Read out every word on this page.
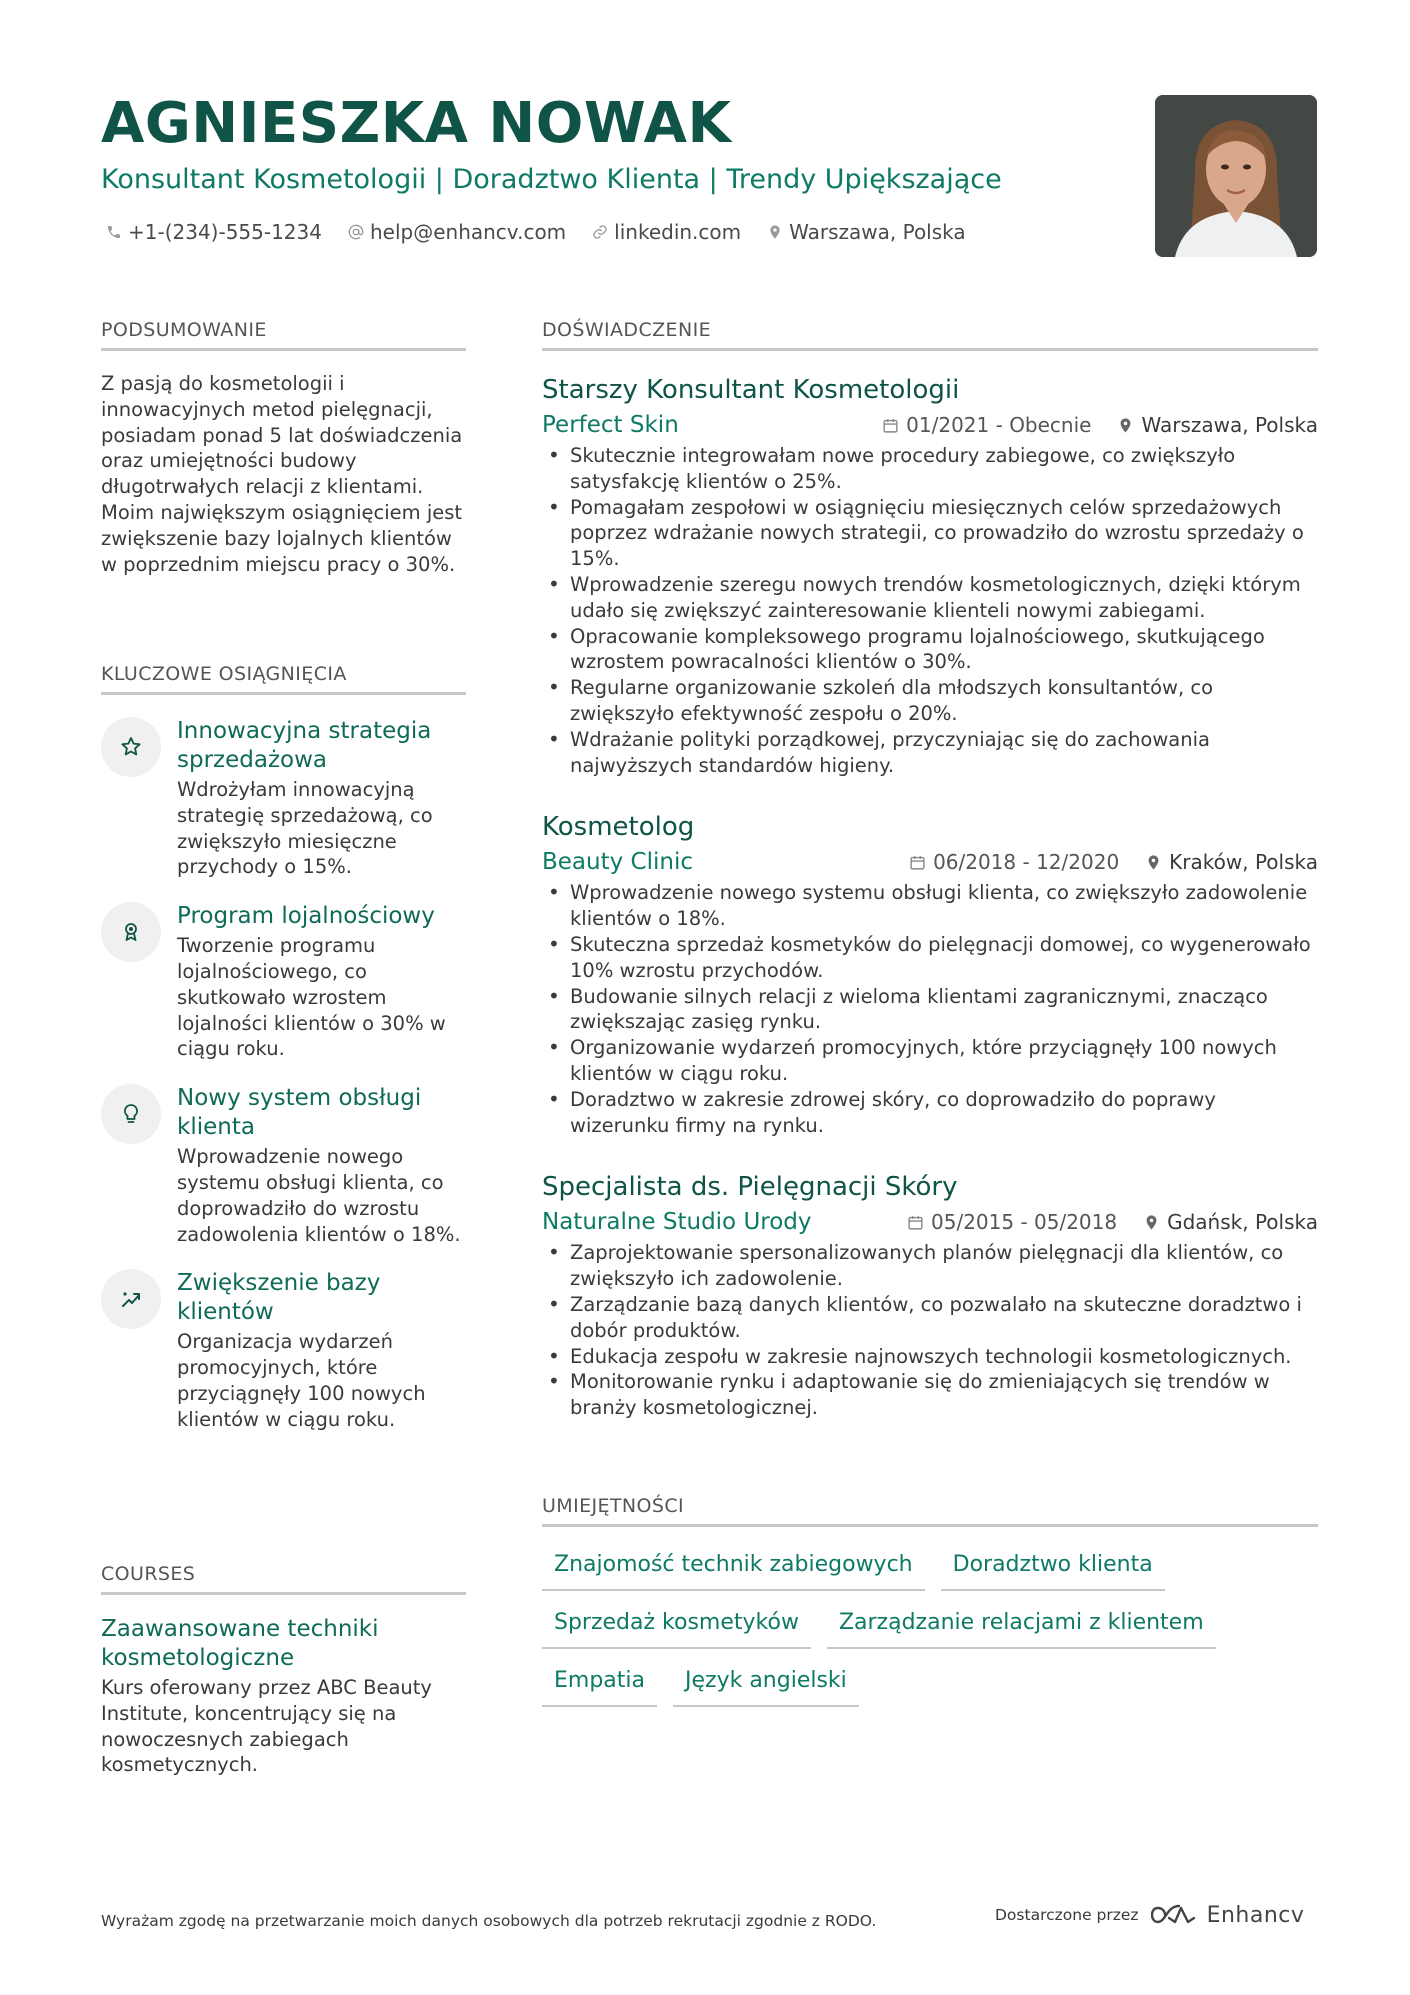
AGNIESZKA NOWAK
Konsultant Kosmetologii | Doradztwo Klienta | Trendy Upiększające
+1-(234)-555-1234 help@enhancv.com linkedin.com Warszawa, Polska
PODSUMOWANIE
Z pasją do kosmetologii i innowacyjnych metod pielęgnacji, posiadam ponad 5 lat doświadczenia oraz umiejętności budowy długotrwałych relacji z klientami. Moim największym osiągnięciem jest zwiększenie bazy lojalnych klientów w poprzednim miejscu pracy o 30%.
KLUCZOWE OSIĄGNIĘCIA
Innowacyjna strategia sprzedażowa
Wdrożyłam innowacyjną strategię sprzedażową, co zwiększyło miesięczne przychody o 15%.
Program lojalnościowy
Tworzenie programu lojalnościowego, co skutkowało wzrostem lojalności klientów o 30% w ciągu roku.
Nowy system obsługi klienta
Wprowadzenie nowego systemu obsługi klienta, co doprowadziło do wzrostu zadowolenia klientów o 18%.
Zwiększenie bazy klientów
Organizacja wydarzeń promocyjnych, które przyciągnęły 100 nowych klientów w ciągu roku.
COURSES
Zaawansowane techniki kosmetologiczne
Kurs oferowany przez ABC Beauty Institute, koncentrujący się na nowoczesnych zabiegach kosmetycznych.
DOŚWIADCZENIE
Starszy Konsultant Kosmetologii
Perfect Skin	01/2021 - Obecnie	Warszawa, Polska
• Skutecznie integrowałam nowe procedury zabiegowe, co zwiększyło satysfakcję klientów o 25%.
• Pomagałam zespołowi w osiągnięciu miesięcznych celów sprzedażowych poprzez wdrażanie nowych strategii, co prowadziło do wzrostu sprzedaży o 15%.
• Wprowadzenie szeregu nowych trendów kosmetologicznych, dzięki którym udało się zwiększyć zainteresowanie klienteli nowymi zabiegami.
• Opracowanie kompleksowego programu lojalnościowego, skutkującego wzrostem powracalności klientów o 30%.
• Regularne organizowanie szkoleń dla młodszych konsultantów, co zwiększyło efektywność zespołu o 20%.
• Wdrażanie polityki porządkowej, przyczyniając się do zachowania najwyższych standardów higieny.
Kosmetolog
Beauty Clinic	06/2018 - 12/2020	Kraków, Polska
• Wprowadzenie nowego systemu obsługi klienta, co zwiększyło zadowolenie klientów o 18%.
• Skuteczna sprzedaż kosmetyków do pielęgnacji domowej, co wygenerowało 10% wzrostu przychodów.
• Budowanie silnych relacji z wieloma klientami zagranicznymi, znacząco zwiększając zasięg rynku.
• Organizowanie wydarzeń promocyjnych, które przyciągnęły 100 nowych klientów w ciągu roku.
• Doradztwo w zakresie zdrowej skóry, co doprowadziło do poprawy wizerunku firmy na rynku.
Specjalista ds. Pielęgnacji Skóry
Naturalne Studio Urody	05/2015 - 05/2018	Gdańsk, Polska
• Zaprojektowanie spersonalizowanych planów pielęgnacji dla klientów, co zwiększyło ich zadowolenie.
• Zarządzanie bazą danych klientów, co pozwalało na skuteczne doradztwo i dobór produktów.
• Edukacja zespołu w zakresie najnowszych technologii kosmetologicznych.
• Monitorowanie rynku i adaptowanie się do zmieniających się trendów w branży kosmetologicznej.
UMIEJĘTNOŚCI
Znajomość technik zabiegowych	Doradztwo klienta
Sprzedaż kosmetyków	Zarządzanie relacjami z klientem
Empatia	Język angielski
Wyrażam zgodę na przetwarzanie moich danych osobowych dla potrzeb rekrutacji zgodnie z RODO.	Dostarczone przez	Enhancv
